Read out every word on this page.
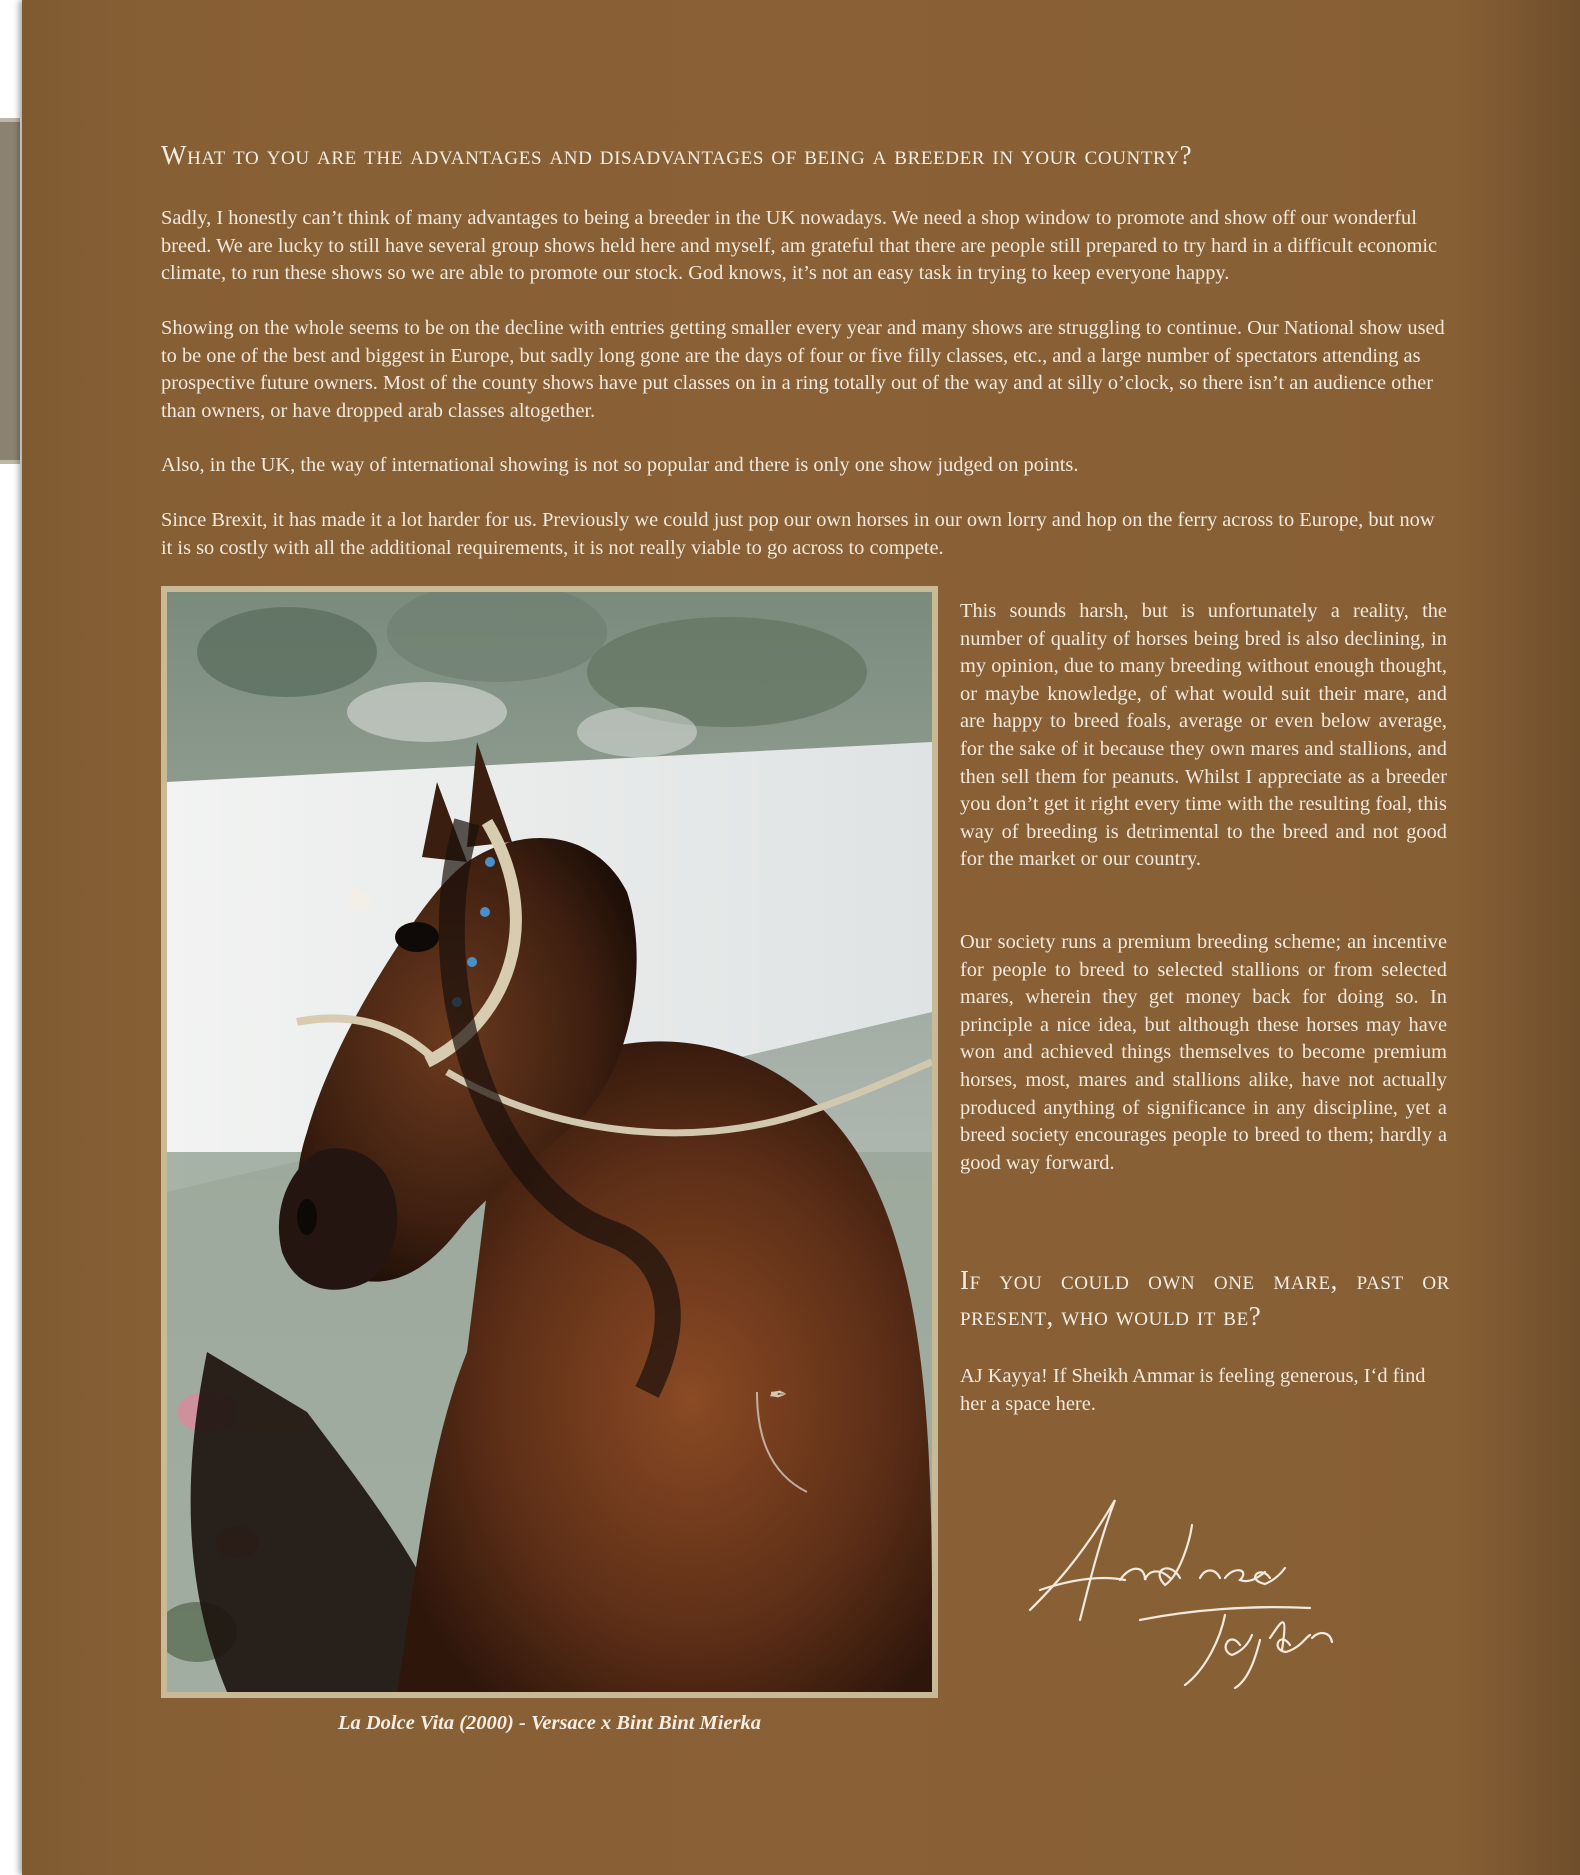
What to you are the advantages and disadvantages of being a breeder in your country?

Sadly, I honestly can’t think of many advantages to being a breeder in the UK nowadays. We need a shop window to promote and show off our wonderful breed. We are lucky to still have several group shows held here and myself, am grateful that there are people still prepared to try hard in a difficult economic climate, to run these shows so we are able to promote our stock. God knows, it’s not an easy task in trying to keep everyone happy.

Showing on the whole seems to be on the decline with entries getting smaller every year and many shows are struggling to continue. Our National show used to be one of the best and biggest in Europe, but sadly long gone are the days of four or five filly classes, etc., and a large number of spectators attending as prospective future owners. Most of the county shows have put classes on in a ring totally out of the way and at silly o’clock, so there isn’t an audience other than owners, or have dropped arab classes altogether.

Also, in the UK, the way of international showing is not so popular and there is only one show judged on points.

Since Brexit, it has made it a lot harder for us. Previously we could just pop our own horses in our own lorry and hop on the ferry across to Europe, but now it is so costly with all the additional requirements, it is not really viable to go across to compete.

✒

La Dolce Vita (2000) - Versace x Bint Bint Mierka

This sounds harsh, but is unfortunately a reality, the number of quality of horses being bred is also declining, in my opinion, due to many breeding without enough thought, or maybe knowledge, of what would suit their mare, and are happy to breed foals, average or even below average, for the sake of it because they own mares and stallions, and then sell them for peanuts. Whilst I appreciate as a breeder you don’t get it right every time with the resulting foal, this way of breeding is detrimental to the breed and not good for the market or our country.

Our society runs a premium breeding scheme; an incentive for people to breed to selected stallions or from selected mares, wherein they get money back for doing so. In principle a nice idea, but although these horses may have won and achieved things themselves to become premium horses, most, mares and stallions alike, have not actually produced anything of significance in any discipline, yet a breed society encourages people to breed to them; hardly a good way forward.

If you could own one mare, past or present, who would it be?

AJ Kayya! If Sheikh Ammar is feeling generous, I‘d find her a space here.
